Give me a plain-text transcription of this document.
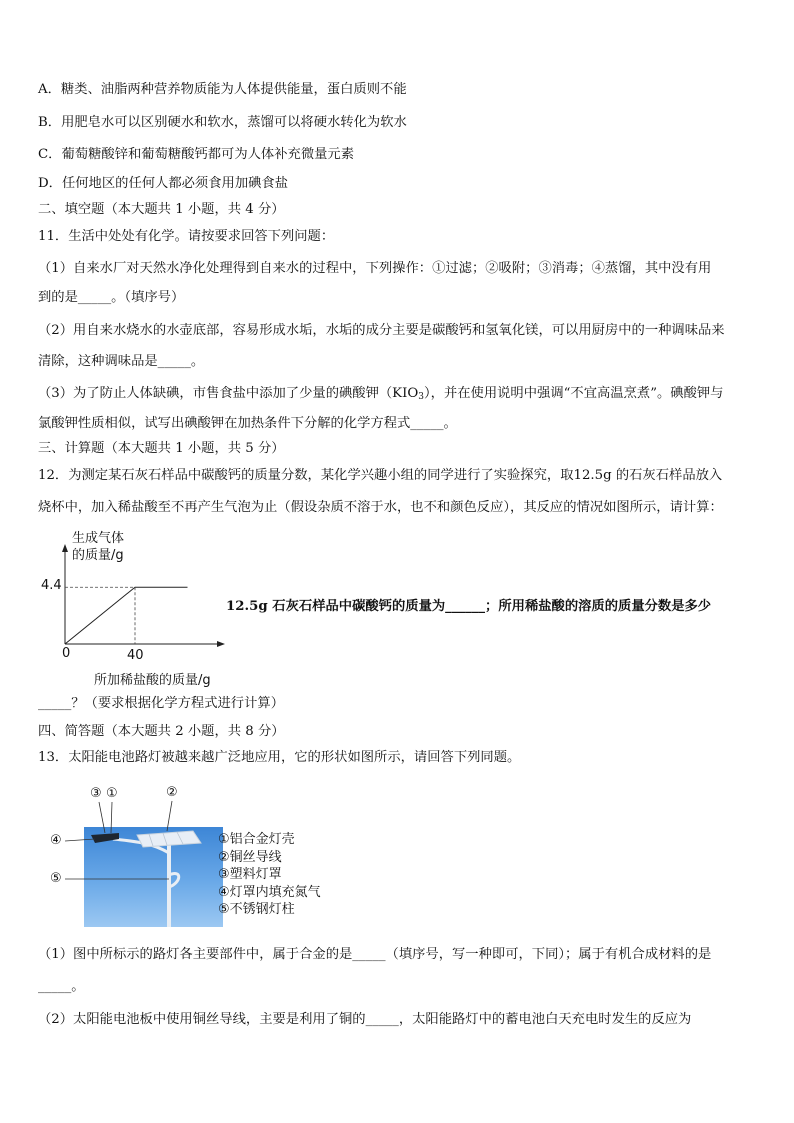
A．糖类、油脂两种营养物质能为人体提供能量，蛋白质则不能
B．用肥皂水可以区别硬水和软水，蒸馏可以将硬水转化为软水
C．葡萄糖酸锌和葡萄糖酸钙都可为人体补充微量元素
D．任何地区的任何人都必须食用加碘食盐
二、填空题（本大题共 1 小题，共 4 分）
11．生活中处处有化学。请按要求回答下列问题：
（1）自来水厂对天然水净化处理得到自来水的过程中，下列操作：①过滤；②吸附；③消毒；④蒸馏，其中没有用
到的是_____。（填序号）
（2）用自来水烧水的水壶底部，容易形成水垢，水垢的成分主要是碳酸钙和氢氧化镁，可以用厨房中的一种调味品来
清除，这种调味品是_____。
（3）为了防止人体缺碘，市售食盐中添加了少量的碘酸钾$(KIO_3)$，并在使用说明中强调“不宜高温烹煮”。碘酸钾与
氯酸钾性质相似，试写出碘酸钾在加热条件下分解的化学方程式_____。
三、计算题（本大题共 1 小题，共 5 分）
12．为测定某石灰石样品中碳酸钙的质量分数，某化学兴趣小组的同学进行了实验探究，取12.5g 的石灰石样品放入
烧杯中，加入稀盐酸至不再产生气泡为止（假设杂质不溶于水，也不和颜色反应），其反应的情况如图所示，请计算：
生成气体
的质量/g
4.4
0	40
所加稀盐酸的质量/g
12.5g 石灰石样品中碳酸钙的质量为______；所用稀盐酸的溶质的质量分数是多少
_____？（要求根据化学方程式进行计算）
四、简答题（本大题共 2 小题，共 8 分）
13．太阳能电池路灯被越来越广泛地应用，它的形状如图所示，请回答下列同题。
③ ①	②
④
⑤
①铝合金灯壳
②铜丝导线
③塑料灯罩
④灯罩内填充氮气
⑤不锈钢灯柱
（1）图中所标示的路灯各主要部件中，属于合金的是_____（填序号，写一种即可，下同）；属于有机合成材料的是
_____。
（2）太阳能电池板中使用铜丝导线，主要是利用了铜的_____，太阳能路灯中的蓄电池白天充电时发生的反应为
